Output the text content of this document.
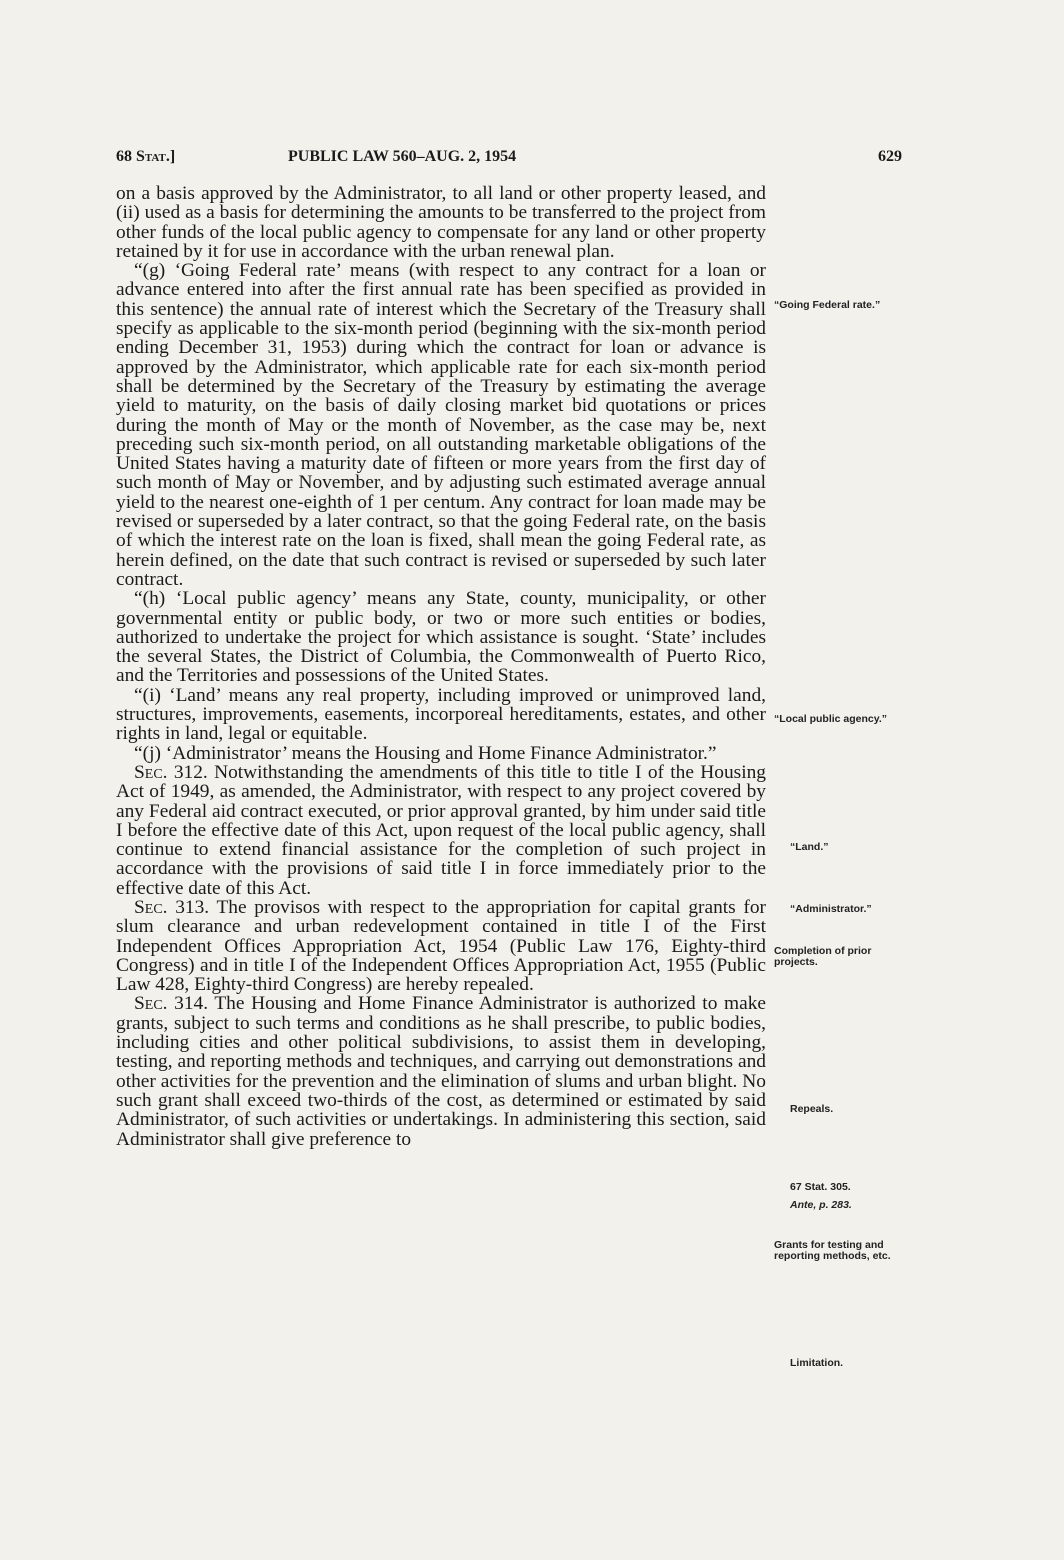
68 Stat.]	PUBLIC LAW 560–AUG. 2, 1954	629

on a basis approved by the Administrator, to all land or other property leased, and (ii) used as a basis for determining the amounts to be transferred to the project from other funds of the local public agency to compensate for any land or other property retained by it for use in accordance with the urban renewal plan.

“(g) ‘Going Federal rate’ means (with respect to any contract for a loan or advance entered into after the first annual rate has been specified as provided in this sentence) the annual rate of interest which the Secretary of the Treasury shall specify as applicable to the six-month period (beginning with the six-month period ending December 31, 1953) during which the contract for loan or advance is approved by the Administrator, which applicable rate for each six-month period shall be determined by the Secretary of the Treasury by estimating the average yield to maturity, on the basis of daily closing market bid quotations or prices during the month of May or the month of November, as the case may be, next preceding such six-month period, on all outstanding marketable obligations of the United States having a maturity date of fifteen or more years from the first day of such month of May or November, and by adjusting such estimated average annual yield to the nearest one-eighth of 1 per centum. Any contract for loan made may be revised or superseded by a later contract, so that the going Federal rate, on the basis of which the interest rate on the loan is fixed, shall mean the going Federal rate, as herein defined, on the date that such contract is revised or superseded by such later contract.

“(h) ‘Local public agency’ means any State, county, municipality, or other governmental entity or public body, or two or more such entities or bodies, authorized to undertake the project for which assistance is sought. ‘State’ includes the several States, the District of Columbia, the Commonwealth of Puerto Rico, and the Territories and possessions of the United States.

“(i) ‘Land’ means any real property, including improved or unimproved land, structures, improvements, easements, incorporeal hereditaments, estates, and other rights in land, legal or equitable.

“(j) ‘Administrator’ means the Housing and Home Finance Administrator.”

Sec. 312. Notwithstanding the amendments of this title to title I of the Housing Act of 1949, as amended, the Administrator, with respect to any project covered by any Federal aid contract executed, or prior approval granted, by him under said title I before the effective date of this Act, upon request of the local public agency, shall continue to extend financial assistance for the completion of such project in accordance with the provisions of said title I in force immediately prior to the effective date of this Act.

Sec. 313. The provisos with respect to the appropriation for capital grants for slum clearance and urban redevelopment contained in title I of the First Independent Offices Appropriation Act, 1954 (Public Law 176, Eighty-third Congress) and in title I of the Independent Offices Appropriation Act, 1955 (Public Law 428, Eighty-third Congress) are hereby repealed.

Sec. 314. The Housing and Home Finance Administrator is authorized to make grants, subject to such terms and conditions as he shall prescribe, to public bodies, including cities and other political subdivisions, to assist them in developing, testing, and reporting methods and techniques, and carrying out demonstrations and other activities for the prevention and the elimination of slums and urban blight. No such grant shall exceed two-thirds of the cost, as determined or estimated by said Administrator, of such activities or undertakings. In administering this section, said Administrator shall give preference to

“Going Federal rate.”
“Local public agency.”
“Land.”
“Administrator.”
Completion of prior projects.
Repeals.
67 Stat. 305.
Ante, p. 283.
Grants for testing and reporting methods, etc.
Limitation.
